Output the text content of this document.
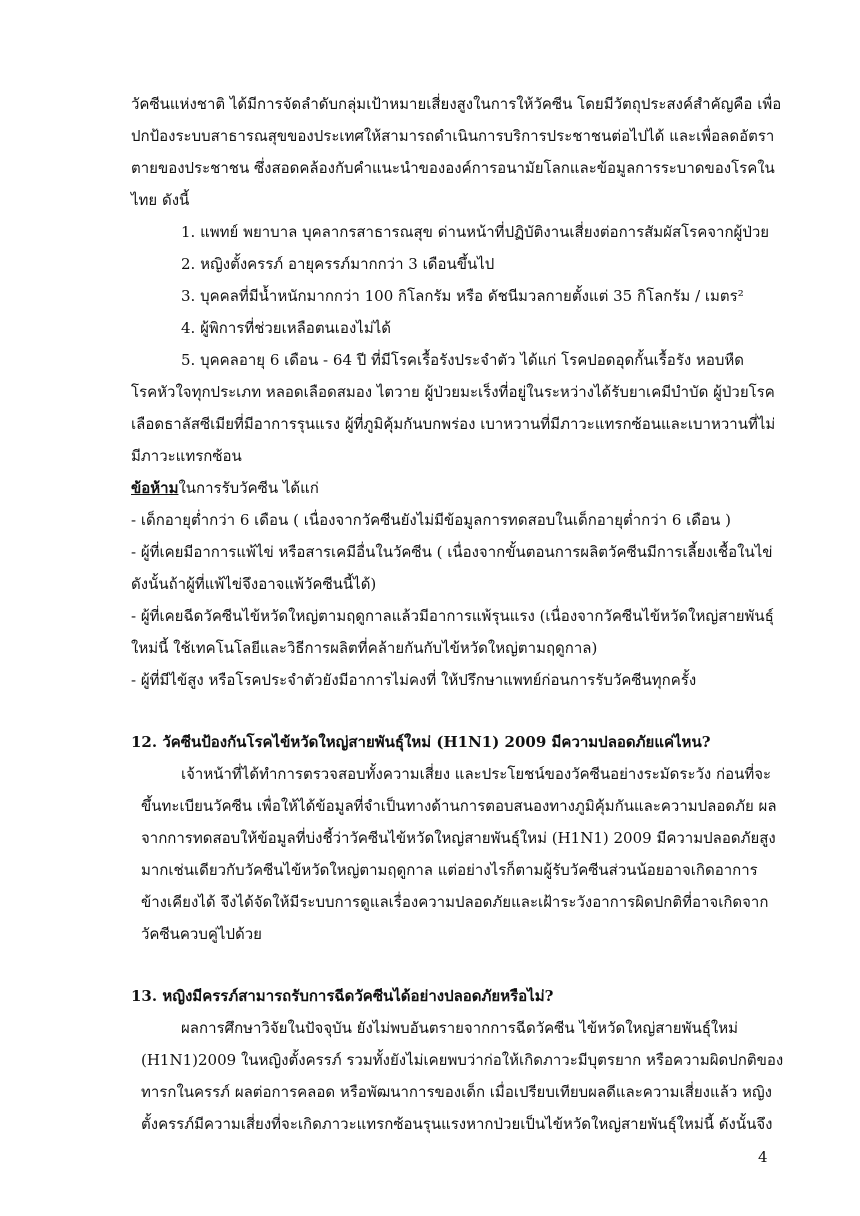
วัคซีนแห่งชาติ ได้มีการจัดลำดับกลุ่มเป้าหมายเสี่ยงสูงในการให้วัคซีน โดยมีวัตถุประสงค์สำคัญคือ เพื่อ
ปกป้องระบบสาธารณสุขของประเทศให้สามารถดำเนินการบริการประชาชนต่อไปได้ และเพื่อลดอัตรา
ตายของประชาชน ซึ่งสอดคล้องกับคำแนะนำขององค์การอนามัยโลกและข้อมูลการระบาดของโรคใน
ไทย ดังนี้
1. แพทย์ พยาบาล บุคลากรสาธารณสุข ด่านหน้าที่ปฏิบัติงานเสี่ยงต่อการสัมผัสโรคจากผู้ป่วย
2. หญิงตั้งครรภ์ อายุครรภ์มากกว่า 3 เดือนขึ้นไป
3. บุคคลที่มีน้ำหนักมากกว่า 100 กิโลกรัม หรือ ดัชนีมวลกายตั้งแต่ 35 กิโลกรัม / เมตร²
4. ผู้พิการที่ช่วยเหลือตนเองไม่ได้
5. บุคคลอายุ 6 เดือน - 64 ปี ที่มีโรคเรื้อรังประจำตัว ได้แก่ โรคปอดอุดกั้นเรื้อรัง หอบหืด
โรคหัวใจทุกประเภท หลอดเลือดสมอง ไตวาย ผู้ป่วยมะเร็งที่อยู่ในระหว่างได้รับยาเคมีบำบัด ผู้ป่วยโรค
เลือดธาลัสซีเมียที่มีอาการรุนแรง ผู้ที่ภูมิคุ้มกันบกพร่อง เบาหวานที่มีภาวะแทรกซ้อนและเบาหวานที่ไม่
มีภาวะแทรกซ้อน
ข้อห้ามในการรับวัคซีน ได้แก่
- เด็กอายุต่ำกว่า 6 เดือน ( เนื่องจากวัคซีนยังไม่มีข้อมูลการทดสอบในเด็กอายุต่ำกว่า 6 เดือน )
- ผู้ที่เคยมีอาการแพ้ไข่ หรือสารเคมีอื่นในวัคซีน ( เนื่องจากขั้นตอนการผลิตวัคซีนมีการเลี้ยงเชื้อในไข่
ดังนั้นถ้าผู้ที่แพ้ไข่จึงอาจแพ้วัคซีนนี้ได้)
- ผู้ที่เคยฉีดวัคซีนไข้หวัดใหญ่ตามฤดูกาลแล้วมีอาการแพ้รุนแรง (เนื่องจากวัคซีนไข้หวัดใหญ่สายพันธุ์
ใหม่นี้ ใช้เทคโนโลยีและวิธีการผลิตที่คล้ายกันกับไข้หวัดใหญ่ตามฤดูกาล)
- ผู้ที่มีไข้สูง หรือโรคประจำตัวยังมีอาการไม่คงที่ ให้ปรึกษาแพทย์ก่อนการรับวัคซีนทุกครั้ง
12. วัคซีนป้องกันโรคไข้หวัดใหญ่สายพันธุ์ใหม่ (H1N1) 2009 มีความปลอดภัยแค่ไหน?
เจ้าหน้าที่ได้ทำการตรวจสอบทั้งความเสี่ยง และประโยชน์ของวัคซีนอย่างระมัดระวัง ก่อนที่จะ
ขึ้นทะเบียนวัคซีน เพื่อให้ได้ข้อมูลที่จำเป็นทางด้านการตอบสนองทางภูมิคุ้มกันและความปลอดภัย ผล
จากการทดสอบให้ข้อมูลที่บ่งชี้ว่าวัคซีนไข้หวัดใหญ่สายพันธุ์ใหม่ (H1N1) 2009 มีความปลอดภัยสูง
มากเช่นเดียวกับวัคซีนไข้หวัดใหญ่ตามฤดูกาล แต่อย่างไรก็ตามผู้รับวัคซีนส่วนน้อยอาจเกิดอาการ
ข้างเคียงได้ จึงได้จัดให้มีระบบการดูแลเรื่องความปลอดภัยและเฝ้าระวังอาการผิดปกติที่อาจเกิดจาก
วัคซีนควบคู่ไปด้วย
13. หญิงมีครรภ์สามารถรับการฉีดวัคซีนได้อย่างปลอดภัยหรือไม่?
ผลการศึกษาวิจัยในปัจจุบัน ยังไม่พบอันตรายจากการฉีดวัคซีน ไข้หวัดใหญ่สายพันธุ์ใหม่
(H1N1)2009 ในหญิงตั้งครรภ์ รวมทั้งยังไม่เคยพบว่าก่อให้เกิดภาวะมีบุตรยาก หรือความผิดปกติของ
ทารกในครรภ์ ผลต่อการคลอด หรือพัฒนาการของเด็ก เมื่อเปรียบเทียบผลดีและความเสี่ยงแล้ว หญิง
ตั้งครรภ์มีความเสี่ยงที่จะเกิดภาวะแทรกซ้อนรุนแรงหากป่วยเป็นไข้หวัดใหญ่สายพันธุ์ใหม่นี้ ดังนั้นจึง
4
